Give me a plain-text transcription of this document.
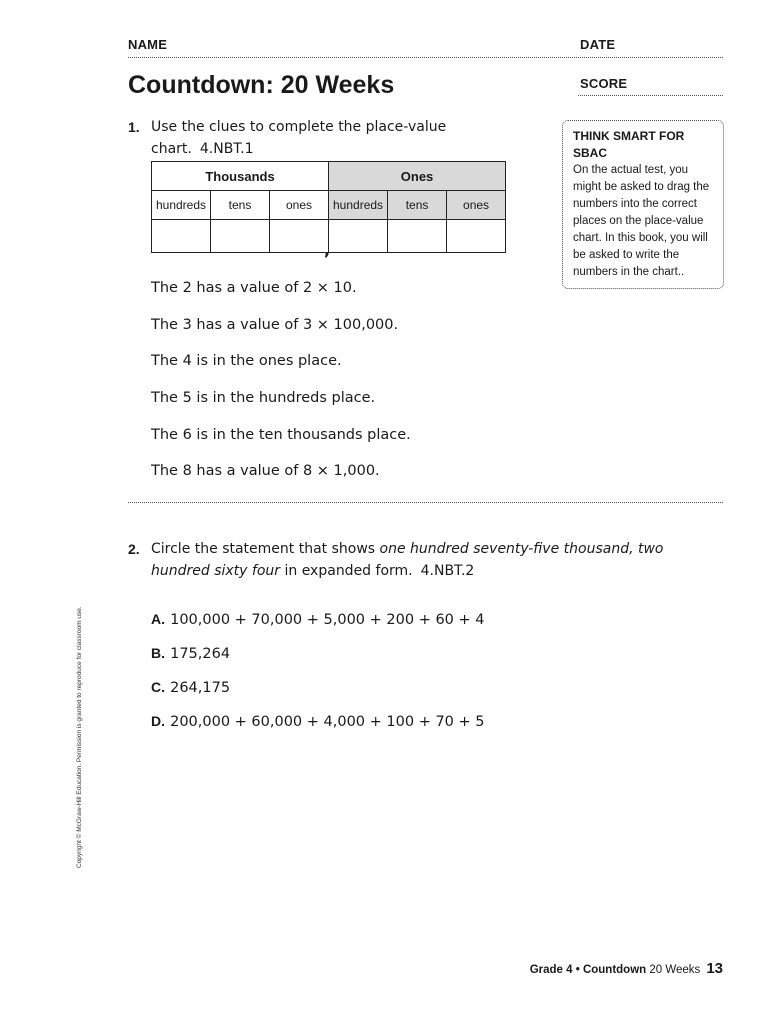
NAME	DATE
Countdown: 20 Weeks	SCORE
1. Use the clues to complete the place-value chart. 4.NBT.1
Thousands			Ones		
hundreds	tens	ones	hundreds	tens	ones

,
The 2 has a value of 2 × 10.
The 3 has a value of 3 × 100,000.
The 4 is in the ones place.
The 5 is in the hundreds place.
The 6 is in the ten thousands place.
The 8 has a value of 8 × 1,000.
THINK SMART FOR SBAC
On the actual test, you might be asked to drag the numbers into the correct places on the place-value chart. In this book, you will be asked to write the numbers in the chart..
2. Circle the statement that shows one hundred seventy-five thousand, two hundred sixty four in expanded form. 4.NBT.2
A. 100,000 + 70,000 + 5,000 + 200 + 60 + 4
B. 175,264
C. 264,175
D. 200,000 + 60,000 + 4,000 + 100 + 70 + 5
Copyright © McGraw-Hill Education. Permission is granted to reproduce for classroom use.
Grade 4 • Countdown 20 Weeks 13
